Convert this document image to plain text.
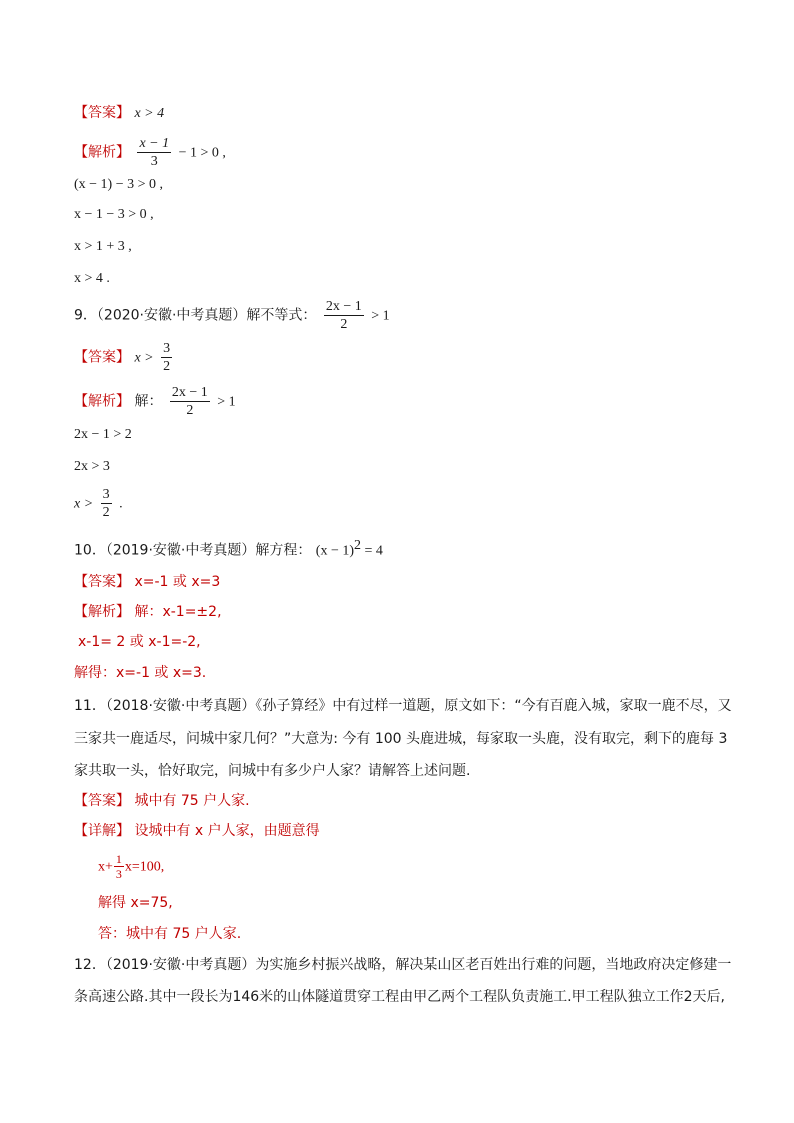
【答案】 x > 4
【解析】 $\frac{x - 1}{3} - 1 > 0$ ,
(x − 1) − 3 > 0 ,
x − 1 − 3 > 0 ,
x > 1 + 3 ,
x > 4 .
9．（2020·安徽·中考真题）解不等式： $\frac{2x - 1}{2} > 1$
【答案】 $x > \frac{3}{2}$
【解析】 解： $\frac{2x - 1}{2} > 1$
2x − 1 > 2
2x > 3
$x > \frac{3}{2}$ .
10．（2019·安徽·中考真题）解方程： $(x - 1)^2 = 4$
【答案】 x=-1 或 x=3
【解析】 解：x-1=±2,
x-1= 2 或 x-1=-2,
解得：x=-1 或 x=3.
11．（2018·安徽·中考真题）《孙子算经》中有过样一道题，原文如下：“今有百鹿入城，家取一鹿不尽，又
三家共一鹿适尽，问城中家几何？”大意为: 今有 100 头鹿进城，每家取一头鹿，没有取完，剩下的鹿每 3
家共取一头，恰好取完，问城中有多少户人家？请解答上述问题.
【答案】 城中有 75 户人家.
【详解】 设城中有 x 户人家，由题意得
$x+ \frac{1}{3} x=100$,
解得 x=75,
答：城中有 75 户人家.
12．（2019·安徽·中考真题）为实施乡村振兴战略，解决某山区老百姓出行难的问题，当地政府决定修建一
条高速公路.其中一段长为146米的山体隧道贯穿工程由甲乙两个工程队负责施工.甲工程队独立工作2天后,
